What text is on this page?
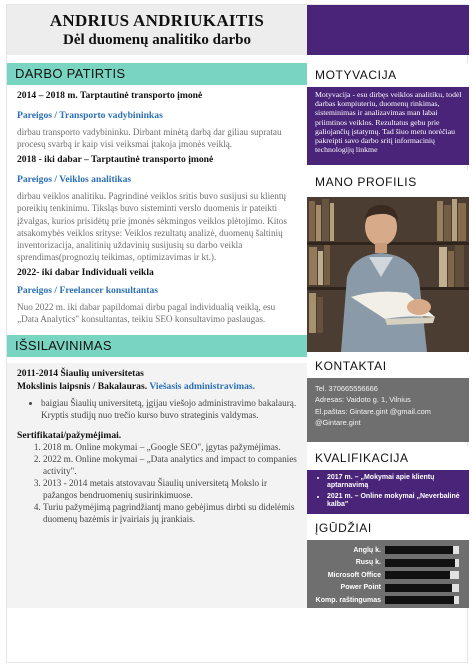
ANDRIUS ANDRIUKAITIS
Dėl duomenų analitiko darbo
DARBO PATIRTIS
2014 – 2018 m. Tarptautinė transporto įmonė
Pareigos / Transporto vadybininkas
dirbau transporto vadybininku. Dirbant minėtą darbą dar giliau supratau procesų svarbą ir kaip visi veiksmai įtakoja įmonės veiklą.
2018 - iki dabar – Tarptautinė transporto įmonė
Pareigos / Veiklos analitikas
dirbau veiklos analitiku. Pagrindinė veiklos sritis buvo susijusi su klientų poreikių tenkinimu. Tiksląs buvo sisteminti verslo duomenis ir pateikti įžvalgas, kurios prisidėtų prie įmonės sėkmingos veiklos plėtojimo. Kitos atsakomybės veiklos srityse: Veiklos rezultatų analizė, duomenų šaltinių inventorizacija, analitinių uždavinių susijusių su darbo veikla sprendimas(prognozių teikimas, optimizavimas ir kt.).
2022- iki dabar Individuali veikla
Pareigos / Freelancer konsultantas
Nuo 2022 m. iki dabar papildomai dirbu pagal individualią veiklą, esu „Data Analytics" konsultantas, teikiu SEO konsultavimo paslaugas.
IŠSILAVINIMAS
2011-2014 Šiaulių universitetas
Mokslinis laipsnis / Bakalauras. Viešasis administravimas.
• baigiau Šiaulių universitetą, įgijau viešojo administravimo bakalaurą. Kryptis studijų nuo trečio kurso buvo strateginis valdymas.
Sertifikatai/pažymėjimai.
1. 2018 m. Online mokymai – „Google SEO", įgytas pažymėjimas.
2. 2022 m. Online mokymai – „Data analytics and impact to companies activity".
3. 2013 - 2014 metais atstovavau Šiaulių universitetą Mokslo ir pažangos bendruomenių susirinkimuose.
4. Turiu pažymėjimą pagrindžiantį mano gebėjimus dirbti su didelėmis duomenų bazėmis ir įvairiais jų įrankiais.
MOTYVACIJA
Motyvacija - esu dirbęs veiklos analitiku, todėl darbas kompiuteriu, duomenų rinkimas, sisteminimas ir analizavimas man labai priimtinos veiklos. Rezultatus gebu prie galiojančių įstatymų. Tad šiuo metu norėčiau pakreipti savo darbo sritį informacinių technologijų linkme
MANO PROFILIS
KONTAKTAI
Tel. 370665556666
Adresas: Vaidoto g. 1, Vilnius
El.paštas: Gintare.gint @gmail.com
@Gintare.gint
KVALIFIKACIJA
• 2017 m. – „Mokymai apie klientų aptarnavimą
• 2021 m. – Online mokymai „Neverbalinė kalba"
ĮGŪDŽIAI
Anglų k.
Rusų k.
Microsoft Office
Power Point
Komp. raštingumas
